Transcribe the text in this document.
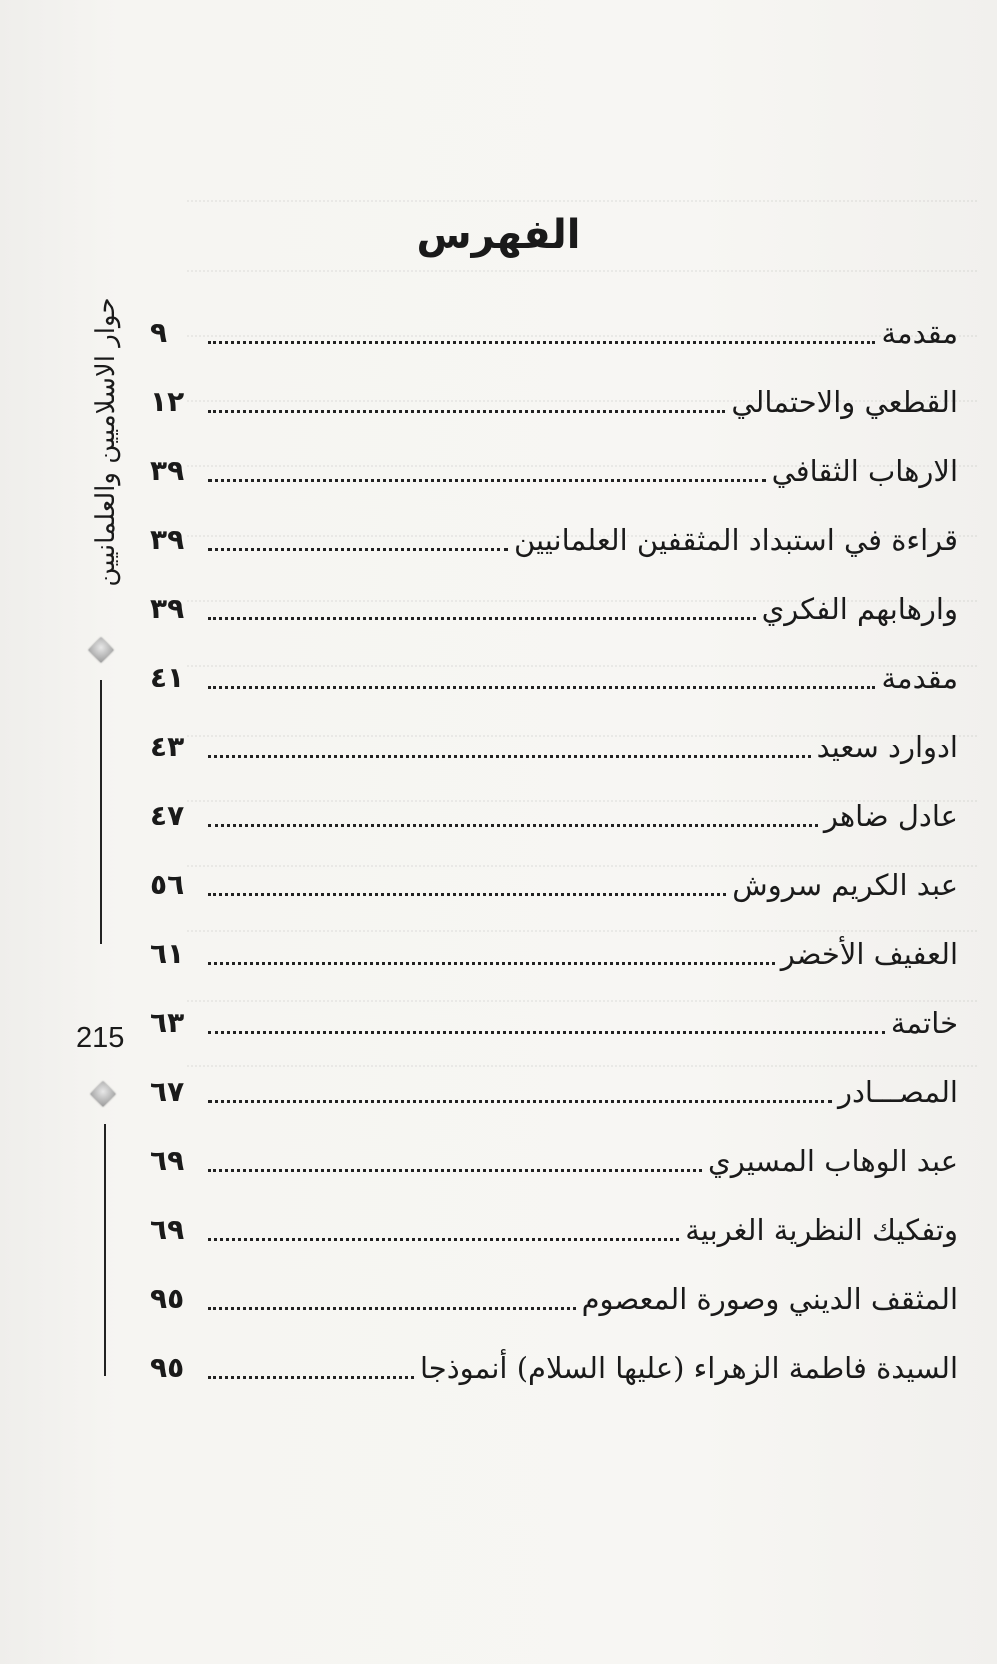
الفهرس
مقدمة
٩
القطعي والاحتمالي
١٢
الارهاب الثقافي
٣٩
قراءة في استبداد المثقفين العلمانيين
٣٩
وارهابهم الفكري
٣٩
مقدمة
٤١
ادوارد سعيد
٤٣
عادل ضاهر
٤٧
عبد الكريم سروش
٥٦
العفيف الأخضر
٦١
خاتمة
٦٣
المصـــادر
٦٧
عبد الوهاب المسيري
٦٩
وتفكيك النظرية الغربية
٦٩
المثقف الديني وصورة المعصوم
٩٥
السيدة فاطمة الزهراء (عليها السلام) أنموذجا
٩٥
حوار الاسلاميين والعلمانيين
215
